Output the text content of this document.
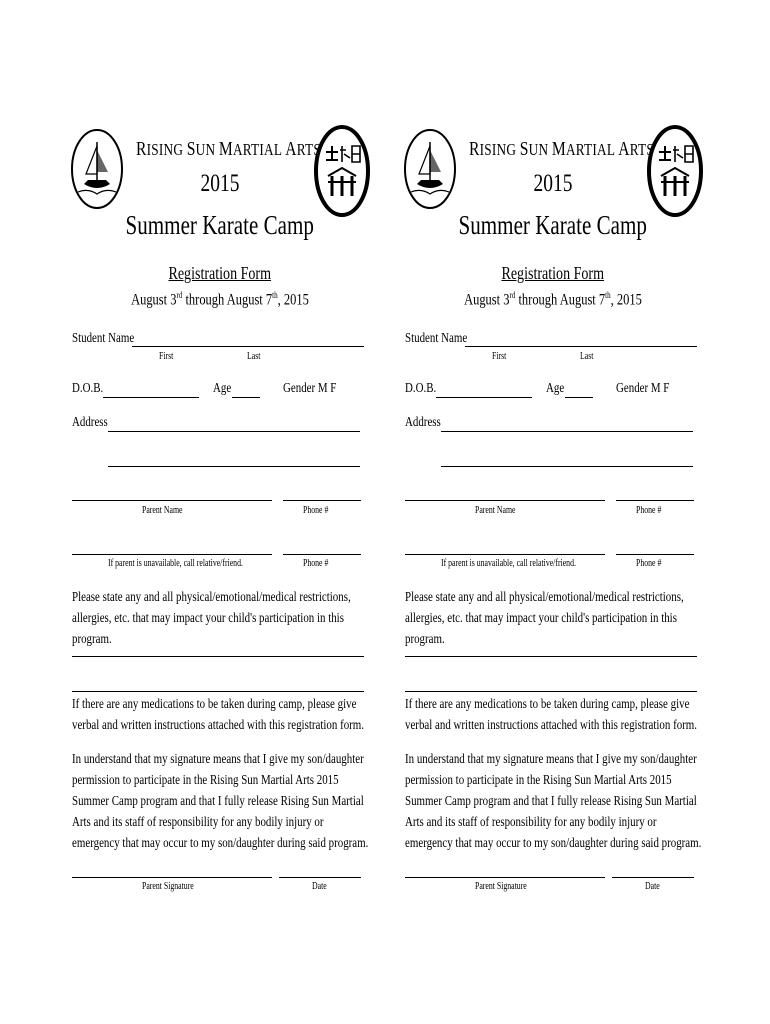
RISING SUN MARTIAL ARTS
2015
Summer Karate Camp
Registration Form
August 3rd through August 7th, 2015
Student Name
First	Last
D.O.B.	Age	Gender M F
Address
Parent Name	Phone #
If parent is unavailable, call relative/friend.	Phone #
Please state any and all physical/emotional/medical restrictions, allergies, etc. that may impact your child's participation in this program.
If there are any medications to be taken during camp, please give verbal and written instructions attached with this registration form.
In understand that my signature means that I give my son/daughter permission to participate in the Rising Sun Martial Arts 2015 Summer Camp program and that I fully release Rising Sun Martial Arts and its staff of responsibility for any bodily injury or emergency that may occur to my son/daughter during said program.
Parent Signature	Date
RISING SUN MARTIAL ARTS
2015
Summer Karate Camp
Registration Form
August 3rd through August 7th, 2015
Student Name
First	Last
D.O.B.	Age	Gender M F
Address
Parent Name	Phone #
If parent is unavailable, call relative/friend.	Phone #
Please state any and all physical/emotional/medical restrictions, allergies, etc. that may impact your child's participation in this program.
If there are any medications to be taken during camp, please give verbal and written instructions attached with this registration form.
In understand that my signature means that I give my son/daughter permission to participate in the Rising Sun Martial Arts 2015 Summer Camp program and that I fully release Rising Sun Martial Arts and its staff of responsibility for any bodily injury or emergency that may occur to my son/daughter during said program.
Parent Signature	Date
